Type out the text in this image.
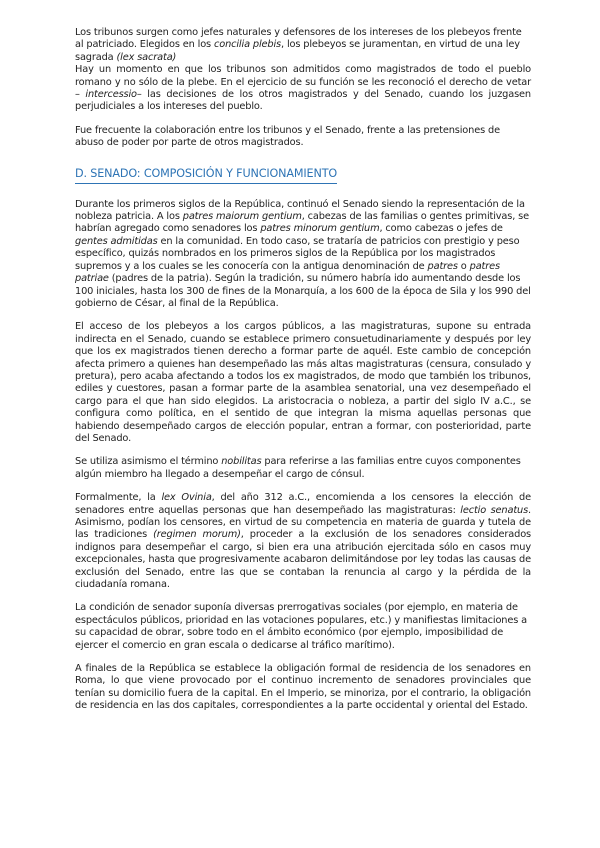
Los tribunos surgen como jefes naturales y defensores de los intereses de los plebeyos frente al patriciado. Elegidos en los concilia plebis, los plebeyos se juramentan, en virtud de una ley sagrada (lex sacrata)

Hay un momento en que los tribunos son admitidos como magistrados de todo el pueblo romano y no sólo de la plebe. En el ejercicio de su función se les reconoció el derecho de vetar – intercessio– las decisiones de los otros magistrados y del Senado, cuando los juzgasen perjudiciales a los intereses del pueblo.

Fue frecuente la colaboración entre los tribunos y el Senado, frente a las pretensiones de abuso de poder por parte de otros magistrados.

D. SENADO: COMPOSICIÓN Y FUNCIONAMIENTO

Durante los primeros siglos de la República, continuó el Senado siendo la representación de la nobleza patricia. A los patres maiorum gentium, cabezas de las familias o gentes primitivas, se habrían agregado como senadores los patres minorum gentium, como cabezas o jefes de gentes admitidas en la comunidad. En todo caso, se trataría de patricios con prestigio y peso específico, quizás nombrados en los primeros siglos de la República por los magistrados supremos y a los cuales se les conocería con la antigua denominación de patres o patres patriae (padres de la patria). Según la tradición, su número habría ido aumentando desde los 100 iniciales, hasta los 300 de fines de la Monarquía, a los 600 de la época de Sila y los 990 del gobierno de César, al final de la República.

El acceso de los plebeyos a los cargos públicos, a las magistraturas, supone su entrada indirecta en el Senado, cuando se establece primero consuetudinariamente y después por ley que los ex magistrados tienen derecho a formar parte de aquél. Este cambio de concepción afecta primero a quienes han desempeñado las más altas magistraturas (censura, consulado y pretura), pero acaba afectando a todos los ex magistrados, de modo que también los tribunos, ediles y cuestores, pasan a formar parte de la asamblea senatorial, una vez desempeñado el cargo para el que han sido elegidos. La aristocracia o nobleza, a partir del siglo IV a.C., se configura como política, en el sentido de que integran la misma aquellas personas que habiendo desempeñado cargos de elección popular, entran a formar, con posterioridad, parte del Senado.

Se utiliza asimismo el término nobilitas para referirse a las familias entre cuyos componentes algún miembro ha llegado a desempeñar el cargo de cónsul.

Formalmente, la lex Ovinia, del año 312 a.C., encomienda a los censores la elección de senadores entre aquellas personas que han desempeñado las magistraturas: lectio senatus. Asimismo, podían los censores, en virtud de su competencia en materia de guarda y tutela de las tradiciones (regimen morum), proceder a la exclusión de los senadores considerados indignos para desempeñar el cargo, si bien era una atribución ejercitada sólo en casos muy excepcionales, hasta que progresivamente acabaron delimitándose por ley todas las causas de exclusión del Senado, entre las que se contaban la renuncia al cargo y la pérdida de la ciudadanía romana.

La condición de senador suponía diversas prerrogativas sociales (por ejemplo, en materia de espectáculos públicos, prioridad en las votaciones populares, etc.) y manifiestas limitaciones a su capacidad de obrar, sobre todo en el ámbito económico (por ejemplo, imposibilidad de ejercer el comercio en gran escala o dedicarse al tráfico marítimo).

A finales de la República se establece la obligación formal de residencia de los senadores en Roma, lo que viene provocado por el continuo incremento de senadores provinciales que tenían su domicilio fuera de la capital. En el Imperio, se minoriza, por el contrario, la obligación de residencia en las dos capitales, correspondientes a la parte occidental y oriental del Estado.
